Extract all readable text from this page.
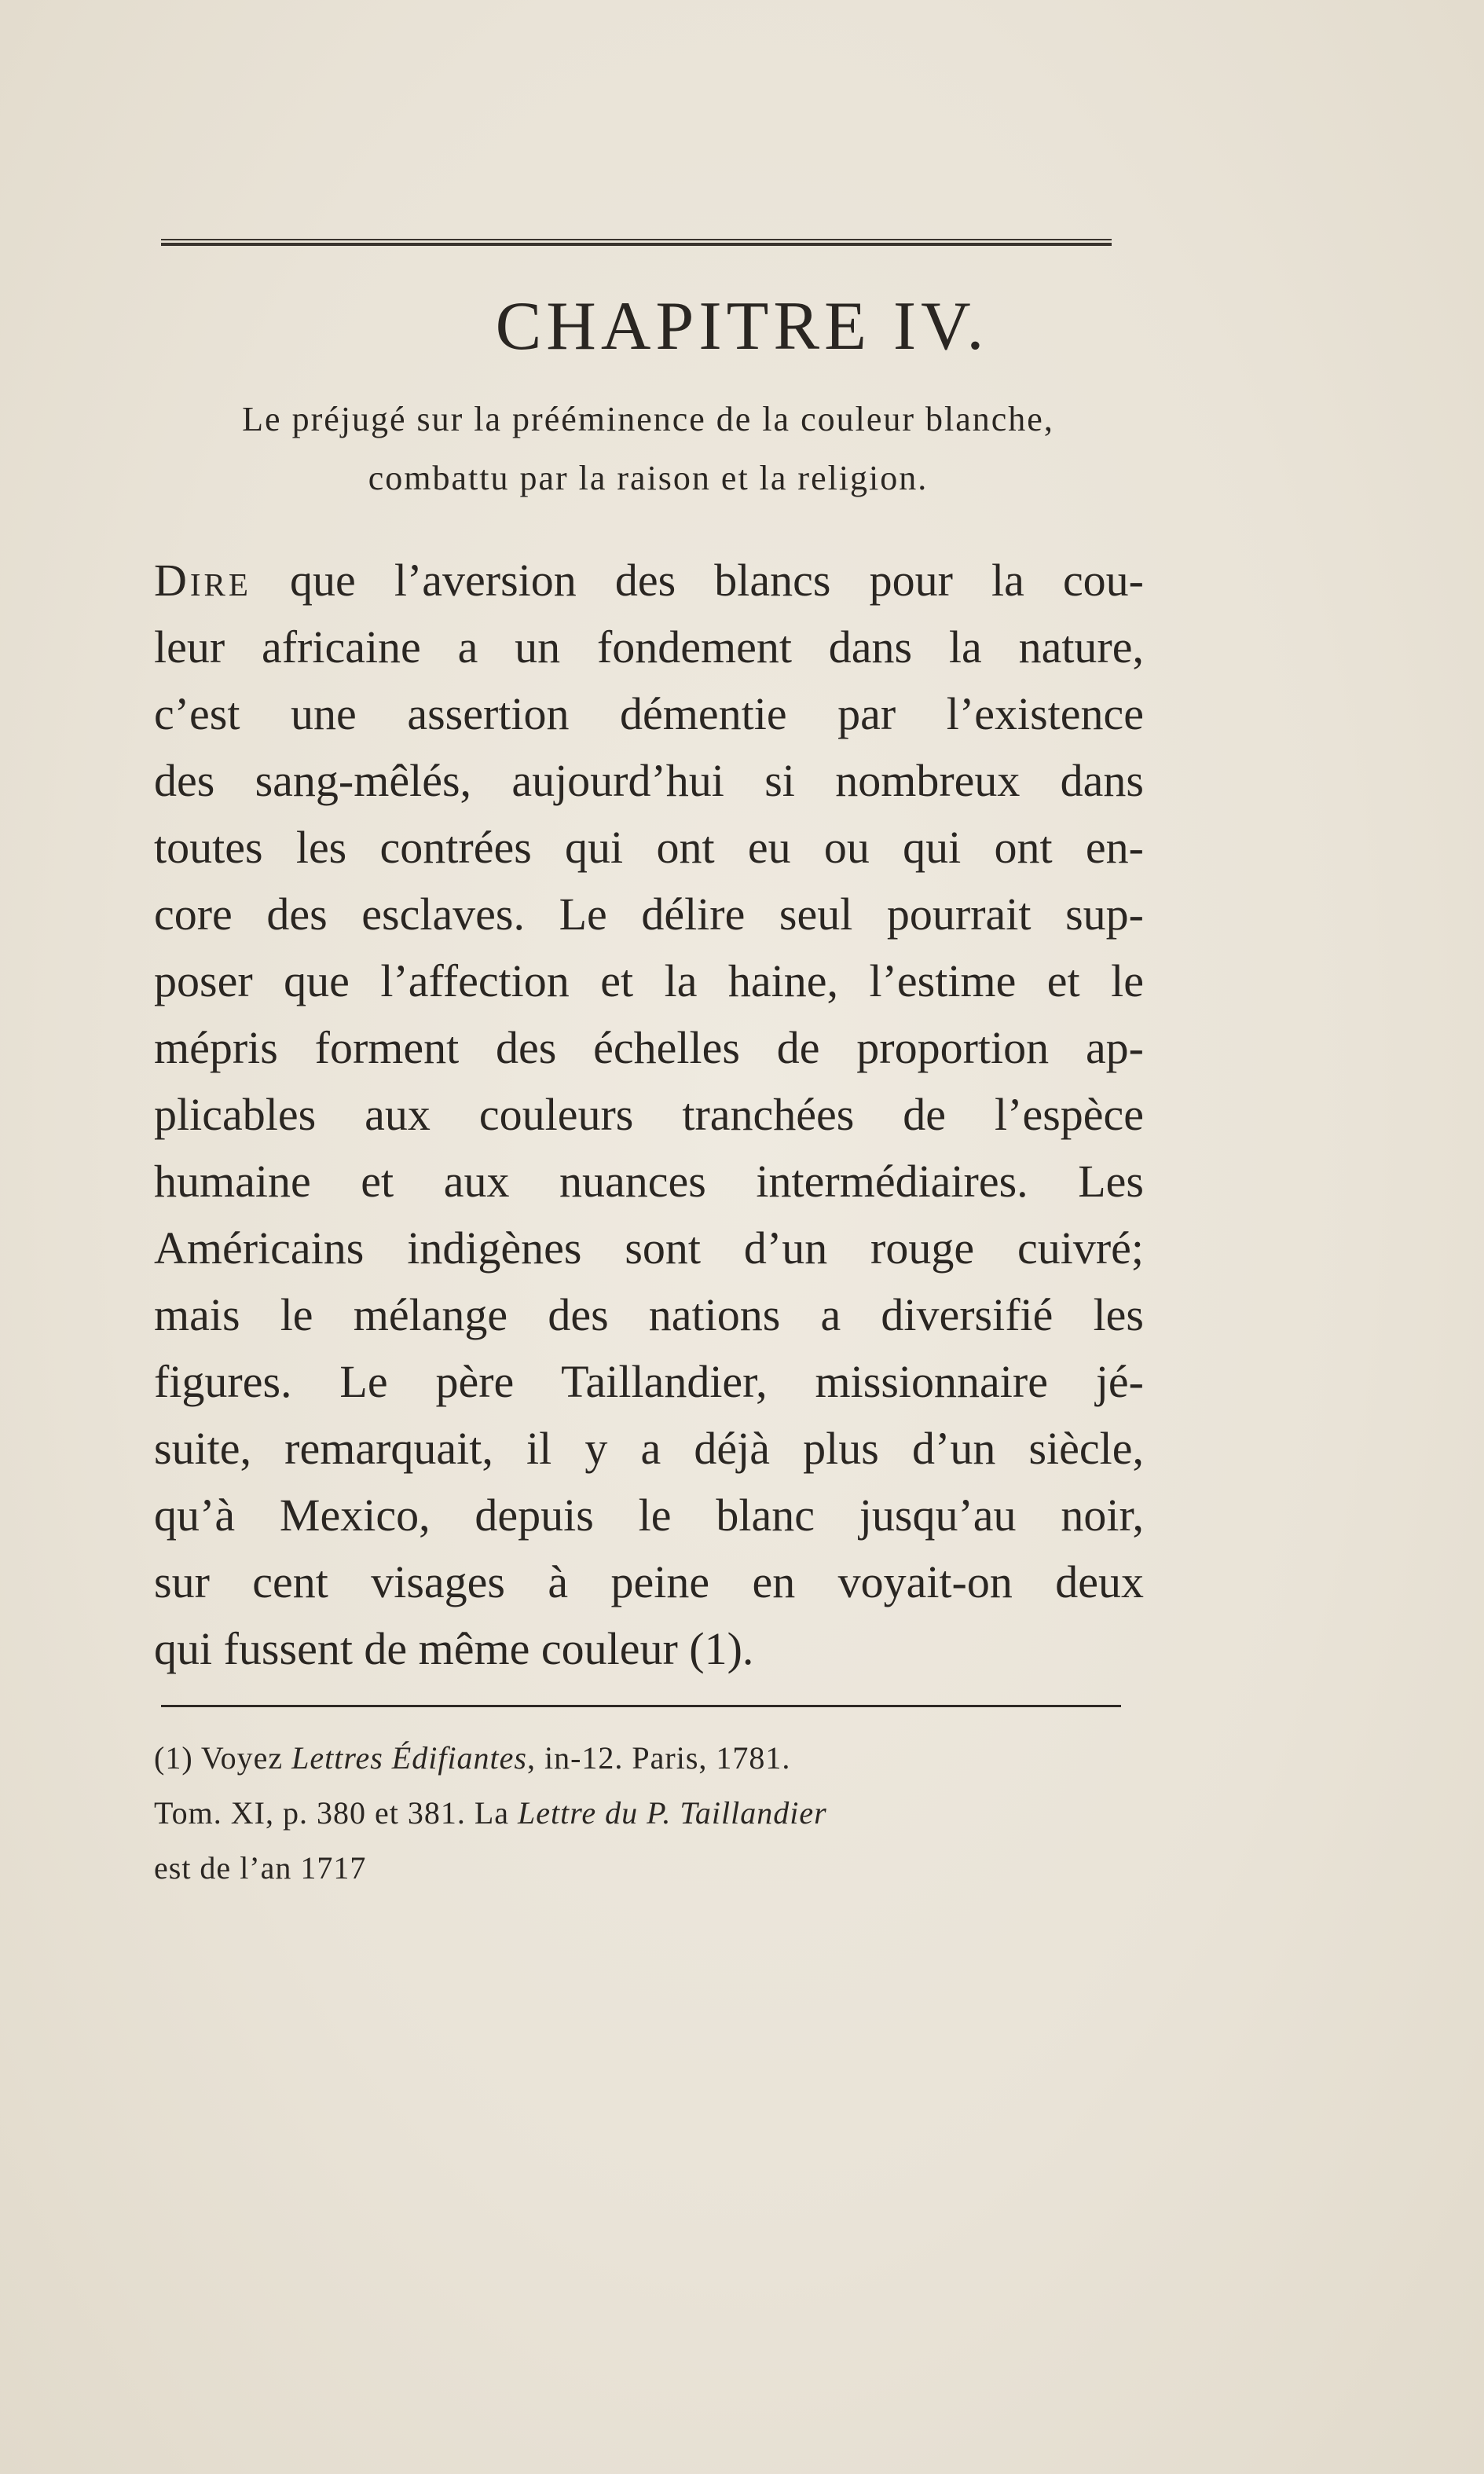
CHAPITRE IV.
Le préjugé sur la prééminence de la couleur blanche,
combattu par la raison et la religion.
Dire que l’aversion des blancs pour la cou-
leur africaine a un fondement dans la nature,
c’est une assertion démentie par l’existence
des sang-mêlés, aujourd’hui si nombreux dans
toutes les contrées qui ont eu ou qui ont en-
core des esclaves. Le délire seul pourrait sup-
poser que l’affection et la haine, l’estime et le
mépris forment des échelles de proportion ap-
plicables aux couleurs tranchées de l’espèce
humaine et aux nuances intermédiaires. Les
Américains indigènes sont d’un rouge cuivré;
mais le mélange des nations a diversifié les
figures. Le père Taillandier, missionnaire jé-
suite, remarquait, il y a déjà plus d’un siècle,
qu’à Mexico, depuis le blanc jusqu’au noir,
sur cent visages à peine en voyait-on deux
qui fussent de même couleur (1).
(1) Voyez Lettres Édifiantes, in-12. Paris, 1781.
Tom. XI, p. 380 et 381. La Lettre du P. Taillandier
est de l’an 1717
